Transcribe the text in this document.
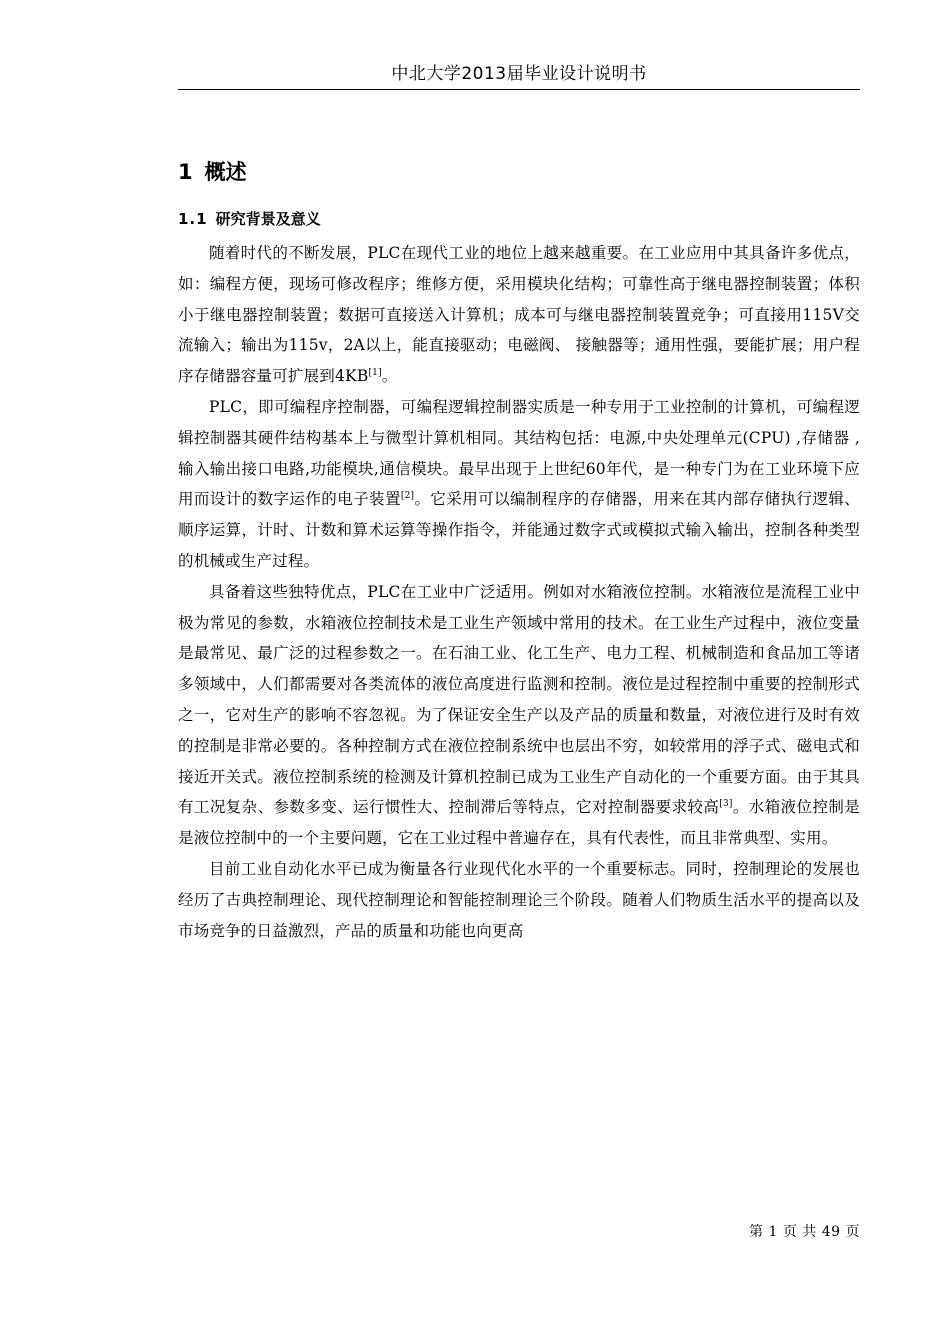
中北大学2013届毕业设计说明书
1 概述
1.1 研究背景及意义

随着时代的不断发展，PLC在现代工业的地位上越来越重要。在工业应用中其具备许多优点，如：编程方便，现场可修改程序；维修方便，采用模块化结构；可靠性高于继电器控制装置；体积小于继电器控制装置；数据可直接送入计算机；成本可与继电器控制装置竞争；可直接用115V交流输入；输出为115v，2A以上，能直接驱动；电磁阀、 接触器等；通用性强，要能扩展；用户程序存储器容量可扩展到4KB[1]。

PLC，即可编程序控制器，可编程逻辑控制器实质是一种专用于工业控制的计算机，可编程逻辑控制器其硬件结构基本上与微型计算机相同。其结构包括：电源,中央处理单元(CPU) ,存储器 ,输入输出接口电路,功能模块,通信模块。最早出现于上世纪60年代，是一种专门为在工业环境下应用而设计的数字运作的电子装置[2]。它采用可以编制程序的存储器，用来在其内部存储执行逻辑、顺序运算，计时、计数和算术运算等操作指令，并能通过数字式或模拟式输入输出，控制各种类型的机械或生产过程。

具备着这些独特优点，PLC在工业中广泛适用。例如对水箱液位控制。水箱液位是流程工业中极为常见的参数，水箱液位控制技术是工业生产领域中常用的技术。在工业生产过程中，液位变量是最常见、最广泛的过程参数之一。在石油工业、化工生产、电力工程、机械制造和食品加工等诸多领域中，人们都需要对各类流体的液位高度进行监测和控制。液位是过程控制中重要的控制形式之一，它对生产的影响不容忽视。为了保证安全生产以及产品的质量和数量，对液位进行及时有效的控制是非常必要的。各种控制方式在液位控制系统中也层出不穷，如较常用的浮子式、磁电式和接近开关式。液位控制系统的检测及计算机控制已成为工业生产自动化的一个重要方面。由于其具有工况复杂、参数多变、运行惯性大、控制滞后等特点，它对控制器要求较高[3]。水箱液位控制是是液位控制中的一个主要问题，它在工业过程中普遍存在，具有代表性，而且非常典型、实用。

目前工业自动化水平已成为衡量各行业现代化水平的一个重要标志。同时，控制理论的发展也经历了古典控制理论、现代控制理论和智能控制理论三个阶段。随着人们物质生活水平的提高以及市场竞争的日益激烈，产品的质量和功能也向更高

第 1 页 共 49 页
